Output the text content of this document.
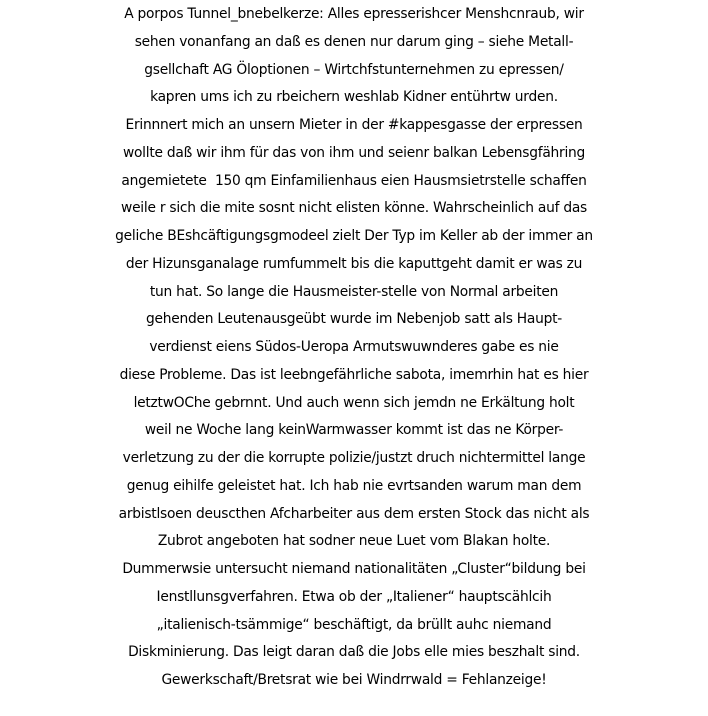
A porpos Tunnel_bnebelkerze: Alles epresserishcer Menshcnraub, wir
sehen vonanfang an daß es denen nur darum ging – siehe Metall-
gsellchaft AG Öloptionen – Wirtchfstunternehmen zu epressen/
kapren ums ich zu rbeichern weshlab Kidner entührtw urden.
Erinnnert mich an unsern Mieter in der #kappesgasse der erpressen
wollte daß wir ihm für das von ihm und seienr balkan Lebensgfähring
angemietete  150 qm Einfamilienhaus eien Hausmsietrstelle schaffen
weile r sich die mite sosnt nicht elisten könne. Wahrscheinlich auf das
geliche BEshcäftigungsgmodeel zielt Der Typ im Keller ab der immer an
der Hizunsganalage rumfummelt bis die kaputtgeht damit er was zu
tun hat. So lange die Hausmeister-stelle von Normal arbeiten
gehenden Leutenausgeübt wurde im Nebenjob satt als Haupt-
verdienst eiens Südos-Ueropa Armutswuwnderes gabe es nie
diese Probleme. Das ist leebngefährliche sabota, imemrhin hat es hier
letztwOChe gebrnnt. Und auch wenn sich jemdn ne Erkältung holt
weil ne Woche lang keinWarmwasser kommt ist das ne Körper-
verletzung zu der die korrupte polizie/justzt druch nichtermittel lange
genug eihilfe geleistet hat. Ich hab nie evrtsanden warum man dem
arbistlsoen deuscthen Afcharbeiter aus dem ersten Stock das nicht als
Zubrot angeboten hat sodner neue Luet vom Blakan holte.
Dummerwsie untersucht niemand nationalitäten „Cluster“bildung bei
Ienstllunsgverfahren. Etwa ob der „Italiener“ hauptscählcih
„italienisch-tsämmige“ beschäftigt, da brüllt auhc niemand
Diskminierung. Das leigt daran daß die Jobs elle mies beszhalt sind.
Gewerkschaft/Bretsrat wie bei Windrrwald = Fehlanzeige!
